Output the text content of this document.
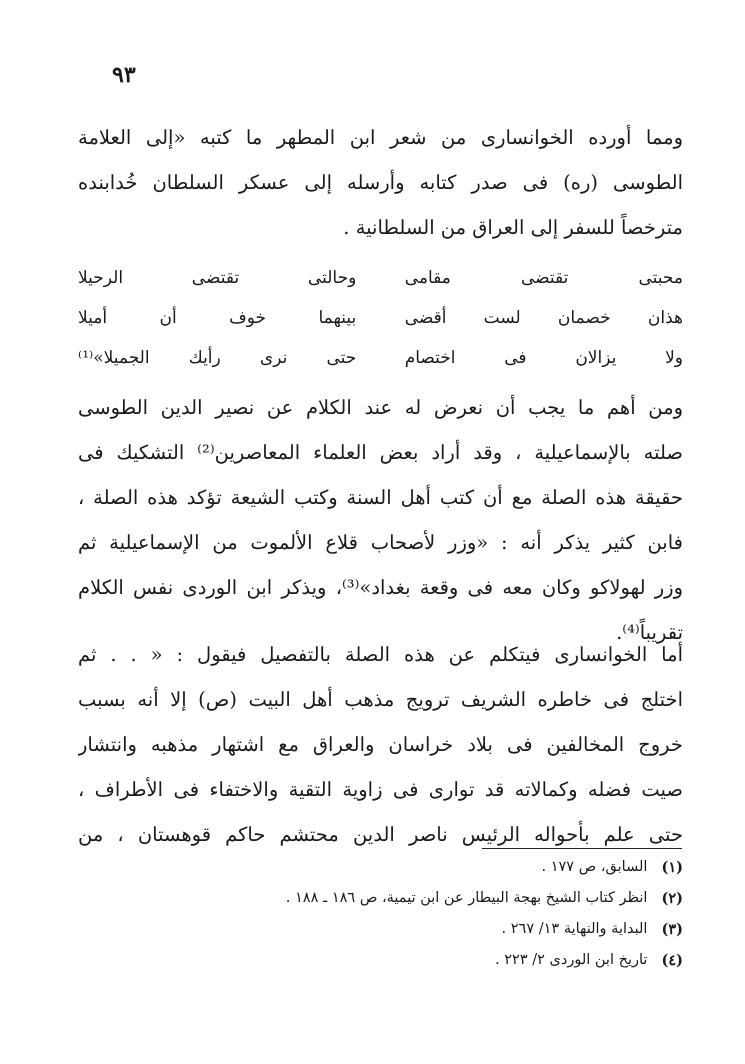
٩٣
ومما أورده الخوانسارى من شعر ابن المطهر ما كتبه «إلى العلامة
الطوسى (ره) فى صدر كتابه وأرسله إلى عسكر السلطان خُدابنده
مترخصاً للسفر إلى العراق من السلطانية .
محبتى تقتضى مقامى
وحالتى تقتضى الرحيلا
هذان خصمان لست أقضى
بينهما خوف أن أميلا
ولا يزالان فى اختصام
حتى نرى رأيك الجميلا»⁽¹⁾
ومن أهم ما يجب أن نعرض له عند الكلام عن نصير الدين الطوسى
صلته بالإسماعيلية ، وقد أراد بعض العلماء المعاصرين⁽²⁾ التشكيك فى
حقيقة هذه الصلة مع أن كتب أهل السنة وكتب الشيعة تؤكد هذه الصلة ،
فابن كثير يذكر أنه : «وزر لأصحاب قلاع الألموت من الإسماعيلية ثم
وزر لهولاكو وكان معه فى وقعة بغداد»⁽³⁾، ويذكر ابن الوردى نفس الكلام
تقريباً⁽⁴⁾.
أما الخوانسارى فيتكلم عن هذه الصلة بالتفصيل فيقول : « . . ثم
اختلج فى خاطره الشريف ترويج مذهب أهل البيت (ص) إلا أنه بسبب
خروج المخالفين فى بلاد خراسان والعراق مع اشتهار مذهبه وانتشار
صيت فضله وكمالاته قد توارى فى زاوية التقية والاختفاء فى الأطراف ،
حتى علم بأحواله الرئيس ناصر الدين محتشم حاكم قوهستان ، من
(١)
السابق، ص ١٧٧ .
(٢)
انظر كتاب الشيخ بهجة البيطار عن ابن تيمية، ص ١٨٦ ـ ١٨٨ .
(٣)
البداية والنهاية ١٣/ ٢٦٧ .
(٤)
تاريخ ابن الوردى ٢/ ٢٢٣ .
